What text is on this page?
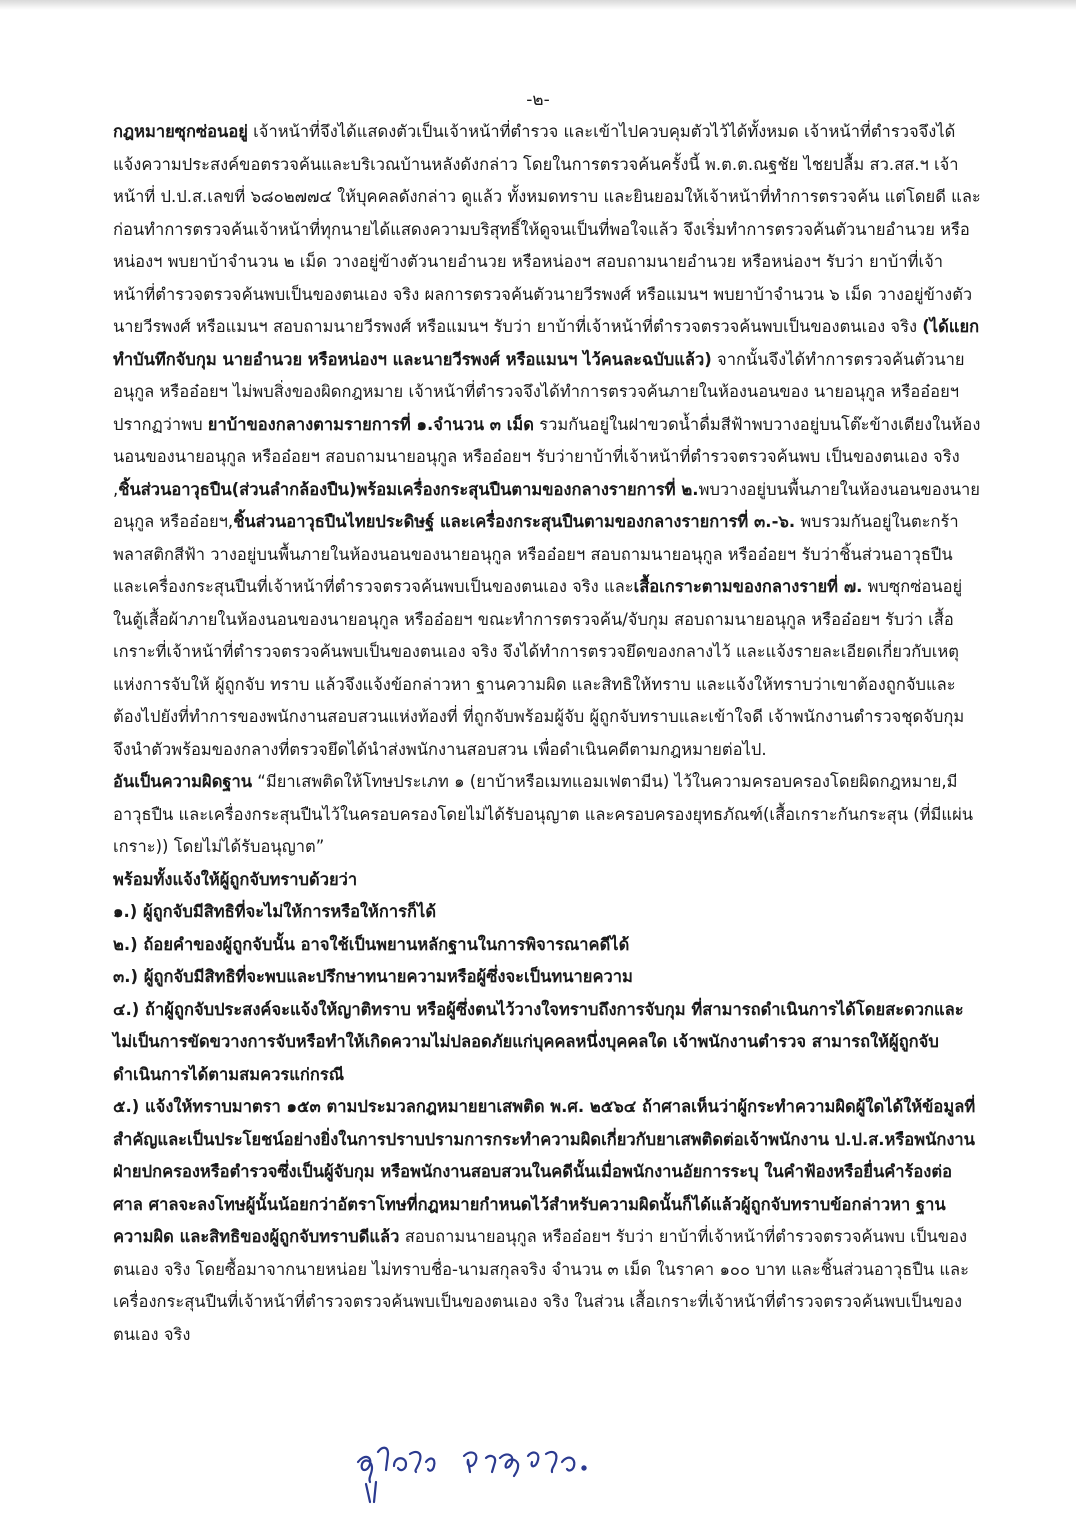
-๒-

กฎหมายซุกซ่อนอยู่ เจ้าหน้าที่จึงได้แสดงตัวเป็นเจ้าหน้าที่ตำรวจ และเข้าไปควบคุมตัวไว้ได้ทั้งหมด เจ้าหน้าที่ตำรวจจึงได้แจ้งความประสงค์ขอตรวจค้นและบริเวณบ้านหลังดังกล่าว โดยในการตรวจค้นครั้งนี้ พ.ต.ต.ณฐชัย ไชยปลื้ม สว.สส.ฯ เจ้าหน้าที่ ป.ป.ส.เลขที่ ๖๘๐๒๗๗๔ ให้บุคคลดังกล่าว ดูแล้ว ทั้งหมดทราบ และยินยอมให้เจ้าหน้าที่ทำการตรวจค้น แต่โดยดี และก่อนทำการตรวจค้นเจ้าหน้าที่ทุกนายได้แสดงความบริสุทธิ์ให้ดูจนเป็นที่พอใจแล้ว จึงเริ่มทำการตรวจค้นตัวนายอำนวย หรือหน่องฯ พบยาบ้าจำนวน ๒ เม็ด วางอยู่ข้างตัวนายอำนวย หรือหน่องฯ สอบถามนายอำนวย หรือหน่องฯ รับว่า ยาบ้าที่เจ้าหน้าที่ตำรวจตรวจค้นพบเป็นของตนเอง จริง ผลการตรวจค้นตัวนายวีรพงศ์ หรือแมนฯ พบยาบ้าจำนวน ๖ เม็ด วางอยู่ข้างตัวนายวีรพงศ์ หรือแมนฯ สอบถามนายวีรพงศ์ หรือแมนฯ รับว่า ยาบ้าที่เจ้าหน้าที่ตำรวจตรวจค้นพบเป็นของตนเอง จริง (ได้แยกทำบันทึกจับกุม นายอำนวย หรือหน่องฯ และนายวีรพงศ์ หรือแมนฯ ไว้คนละฉบับแล้ว) จากนั้นจึงได้ทำการตรวจค้นตัวนายอนุกูล หรืออ๋อยฯ ไม่พบสิ่งของผิดกฎหมาย เจ้าหน้าที่ตำรวจจึงได้ทำการตรวจค้นภายในห้องนอนของ นายอนุกูล หรืออ๋อยฯ ปรากฏว่าพบ ยาบ้าของกลางตามรายการที่ ๑.จำนวน ๓ เม็ด รวมกันอยู่ในฝาขวดน้ำดื่มสีฟ้าพบวางอยู่บนโต๊ะข้างเตียงในห้องนอนของนายอนุกูล หรืออ๋อยฯ สอบถามนายอนุกูล หรืออ๋อยฯ รับว่ายาบ้าที่เจ้าหน้าที่ตำรวจตรวจค้นพบ เป็นของตนเอง จริง ,ชิ้นส่วนอาวุธปืน(ส่วนลำกล้องปืน)พร้อมเครื่องกระสุนปืนตามของกลางรายการที่ ๒.พบวางอยู่บนพื้นภายในห้องนอนของนายอนุกูล หรืออ๋อยฯ,ชิ้นส่วนอาวุธปืนไทยประดิษฐ์ และเครื่องกระสุนปืนตามของกลางรายการที่ ๓.-๖. พบรวมกันอยู่ในตะกร้าพลาสติกสีฟ้า วางอยู่บนพื้นภายในห้องนอนของนายอนุกูล หรืออ๋อยฯ สอบถามนายอนุกูล หรืออ๋อยฯ รับว่าชิ้นส่วนอาวุธปืน และเครื่องกระสุนปืนที่เจ้าหน้าที่ตำรวจตรวจค้นพบเป็นของตนเอง จริง และเสื้อเกราะตามของกลางรายที่ ๗. พบซุกซ่อนอยู่ในตู้เสื้อผ้าภายในห้องนอนของนายอนุกูล หรืออ๋อยฯ ขณะทำการตรวจค้น/จับกุม สอบถามนายอนุกูล หรืออ๋อยฯ รับว่า เสื้อเกราะที่เจ้าหน้าที่ตำรวจตรวจค้นพบเป็นของตนเอง จริง จึงได้ทำการตรวจยึดของกลางไว้ และแจ้งรายละเอียดเกี่ยวกับเหตุแห่งการจับให้ ผู้ถูกจับ ทราบ แล้วจึงแจ้งข้อกล่าวหา ฐานความผิด และสิทธิให้ทราบ และแจ้งให้ทราบว่าเขาต้องถูกจับและต้องไปยังที่ทำการของพนักงานสอบสวนแห่งท้องที่ ที่ถูกจับพร้อมผู้จับ ผู้ถูกจับทราบและเข้าใจดี เจ้าพนักงานตำรวจชุดจับกุมจึงนำตัวพร้อมของกลางที่ตรวจยึดได้นำส่งพนักงานสอบสวน เพื่อดำเนินคดีตามกฎหมายต่อไป.

อันเป็นความผิดฐาน “มียาเสพติดให้โทษประเภท ๑ (ยาบ้าหรือเมทแอมเฟตามีน) ไว้ในความครอบครองโดยผิดกฎหมาย,มีอาวุธปืน และเครื่องกระสุนปืนไว้ในครอบครองโดยไม่ได้รับอนุญาต และครอบครองยุทธภัณฑ์(เสื้อเกราะกันกระสุน (ที่มีแผ่นเกราะ)) โดยไม่ได้รับอนุญาต”

พร้อมทั้งแจ้งให้ผู้ถูกจับทราบด้วยว่า

๑.) ผู้ถูกจับมีสิทธิที่จะไม่ให้การหรือให้การก็ได้

๒.) ถ้อยคำของผู้ถูกจับนั้น อาจใช้เป็นพยานหลักฐานในการพิจารณาคดีได้

๓.) ผู้ถูกจับมีสิทธิที่จะพบและปรึกษาทนายความหรือผู้ซึ่งจะเป็นทนายความ

๔.) ถ้าผู้ถูกจับประสงค์จะแจ้งให้ญาติทราบ หรือผู้ซึ่งตนไว้วางใจทราบถึงการจับกุม ที่สามารถดำเนินการได้โดยสะดวกและไม่เป็นการขัดขวางการจับหรือทำให้เกิดความไม่ปลอดภัยแก่บุคคลหนึ่งบุคคลใด เจ้าพนักงานตำรวจ สามารถให้ผู้ถูกจับดำเนินการได้ตามสมควรแก่กรณี

๕.) แจ้งให้ทราบมาตรา ๑๕๓ ตามประมวลกฎหมายยาเสพติด พ.ศ. ๒๕๖๔ ถ้าศาลเห็นว่าผู้กระทำความผิดผู้ใดได้ให้ข้อมูลที่สำคัญและเป็นประโยชน์อย่างยิ่งในการปราบปรามการกระทำความผิดเกี่ยวกับยาเสพติดต่อเจ้าพนักงาน ป.ป.ส.หรือพนักงานฝ่ายปกครองหรือตำรวจซึ่งเป็นผู้จับกุม หรือพนักงานสอบสวนในคดีนั้นเมื่อพนักงานอัยการระบุ ในคำฟ้องหรือยื่นคำร้องต่อศาล ศาลจะลงโทษผู้นั้นน้อยกว่าอัตราโทษที่กฎหมายกำหนดไว้สำหรับความผิดนั้นก็ได้แล้วผู้ถูกจับทราบข้อกล่าวหา ฐานความผิด และสิทธิของผู้ถูกจับทราบดีแล้ว สอบถามนายอนุกูล หรืออ๋อยฯ รับว่า ยาบ้าที่เจ้าหน้าที่ตำรวจตรวจค้นพบ เป็นของตนเอง จริง โดยซื้อมาจากนายหน่อย ไม่ทราบชื่อ-นามสกุลจริง จำนวน ๓ เม็ด ในราคา ๑๐๐ บาท และชิ้นส่วนอาวุธปืน และเครื่องกระสุนปืนที่เจ้าหน้าที่ตำรวจตรวจค้นพบเป็นของตนเอง จริง ในส่วน เสื้อเกราะที่เจ้าหน้าที่ตำรวจตรวจค้นพบเป็นของตนเอง จริง
